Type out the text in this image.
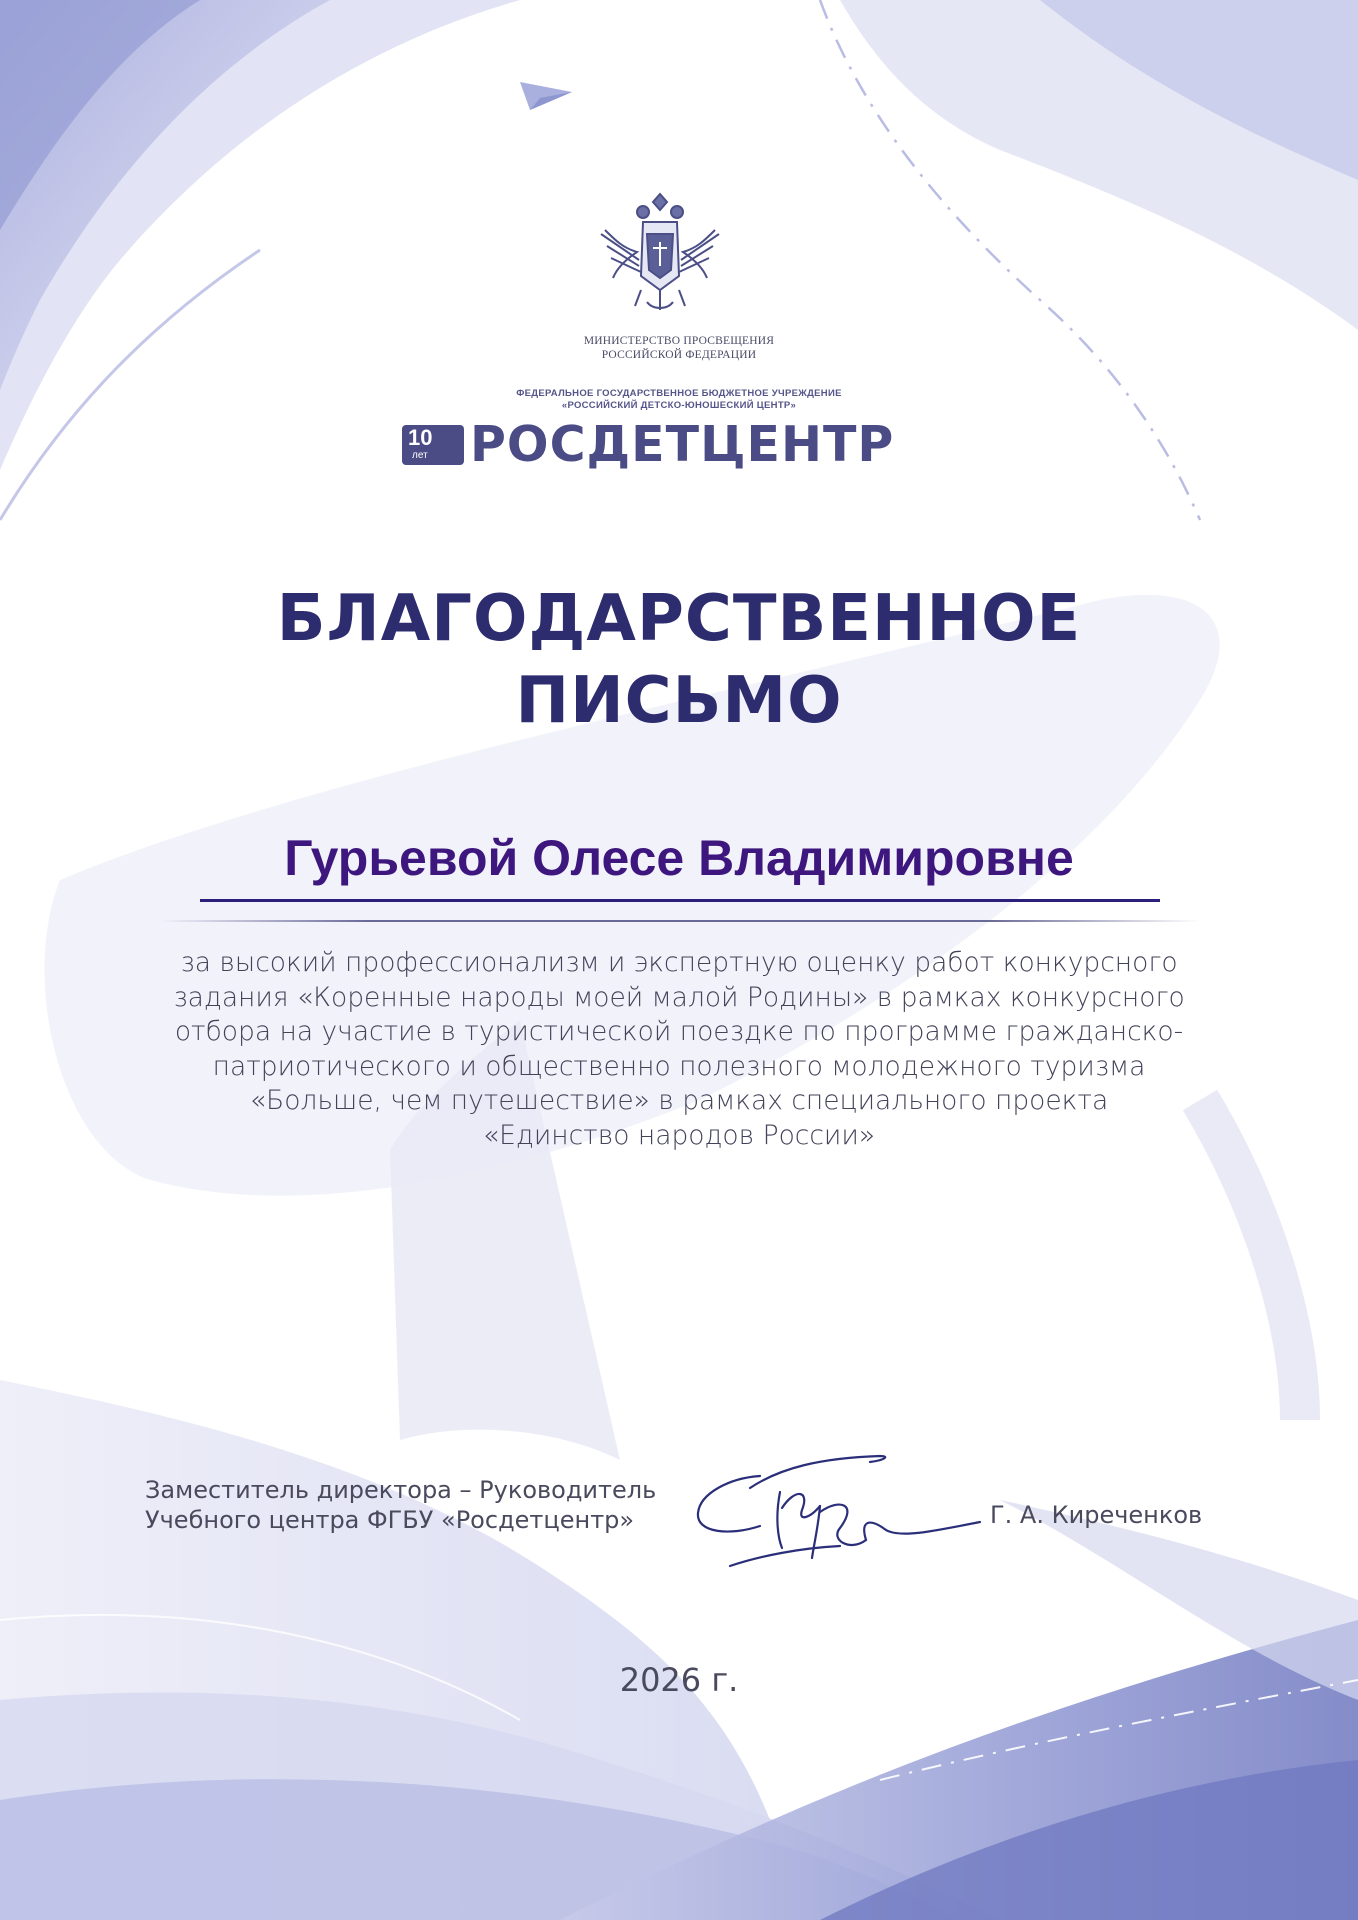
МИНИСТЕРСТВО ПРОСВЕЩЕНИЯ
РОССИЙСКОЙ ФЕДЕРАЦИИ
ФЕДЕРАЛЬНОЕ ГОСУДАРСТВЕННОЕ БЮДЖЕТНОЕ УЧРЕЖДЕНИЕ
«РОССИЙСКИЙ ДЕТСКО-ЮНОШЕСКИЙ ЦЕНТР»
10
лет РОСДЕТЦЕНТР
БЛАГОДАРСТВЕННОЕ
ПИСЬМО
Гурьевой Олесе Владимировне
за высокий профессионализм и экспертную оценку работ конкурсного
задания «Коренные народы моей малой Родины» в рамках конкурсного
отбора на участие в туристической поездке по программе гражданско-
патриотического и общественно полезного молодежного туризма
«Больше, чем путешествие» в рамках специального проекта
«Единство народов России»
Заместитель директора – Руководитель
Учебного центра ФГБУ «Росдетцентр»	Г. А. Киреченков
2026 г.
